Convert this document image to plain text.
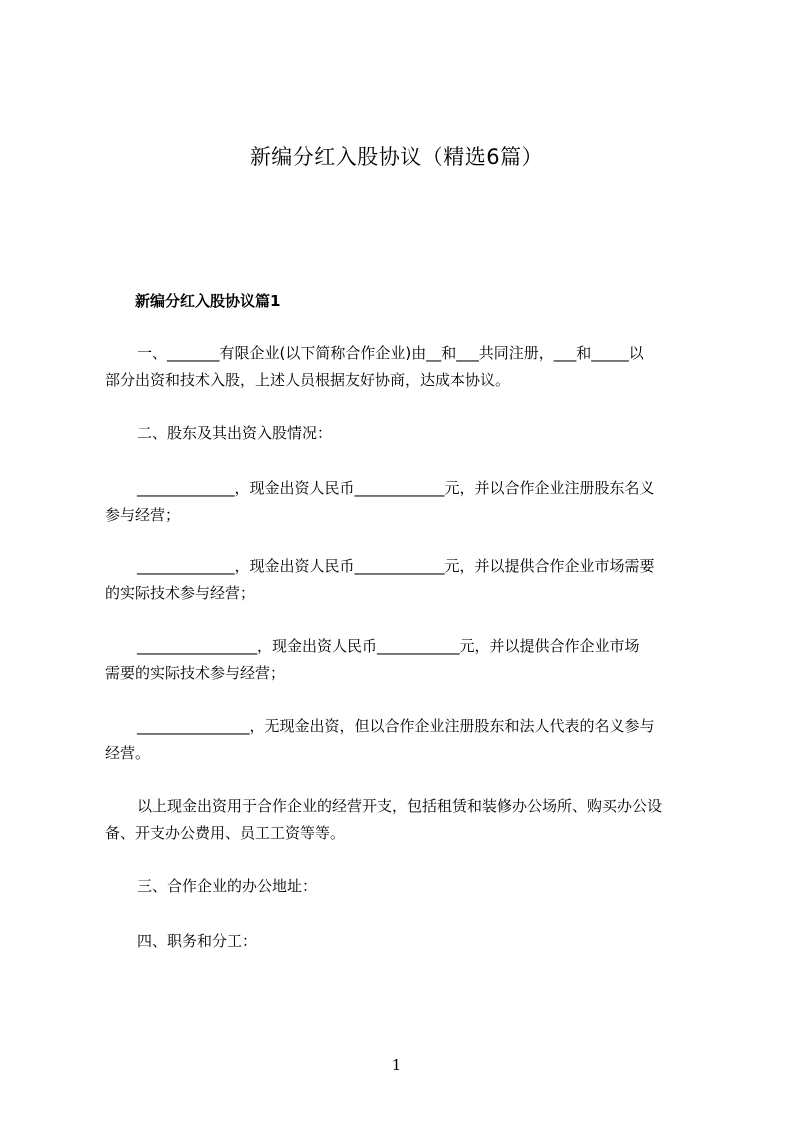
新编分红入股协议（精选6篇）
新编分红入股协议篇1
一、_______有限企业(以下简称合作企业)由__和___共同注册，___和_____以
部分出资和技术入股，上述人员根据友好协商，达成本协议。
二、股东及其出资入股情况：
_____________，现金出资人民币____________元，并以合作企业注册股东名义
参与经营；
_____________，现金出资人民币____________元，并以提供合作企业市场需要
的实际技术参与经营；
________________，现金出资人民币___________元，并以提供合作企业市场
需要的实际技术参与经营；
_______________，无现金出资，但以合作企业注册股东和法人代表的名义参与
经营。
以上现金出资用于合作企业的经营开支，包括租赁和装修办公场所、购买办公设
备、开支办公费用、员工工资等等。
三、合作企业的办公地址：
四、职务和分工：
1
